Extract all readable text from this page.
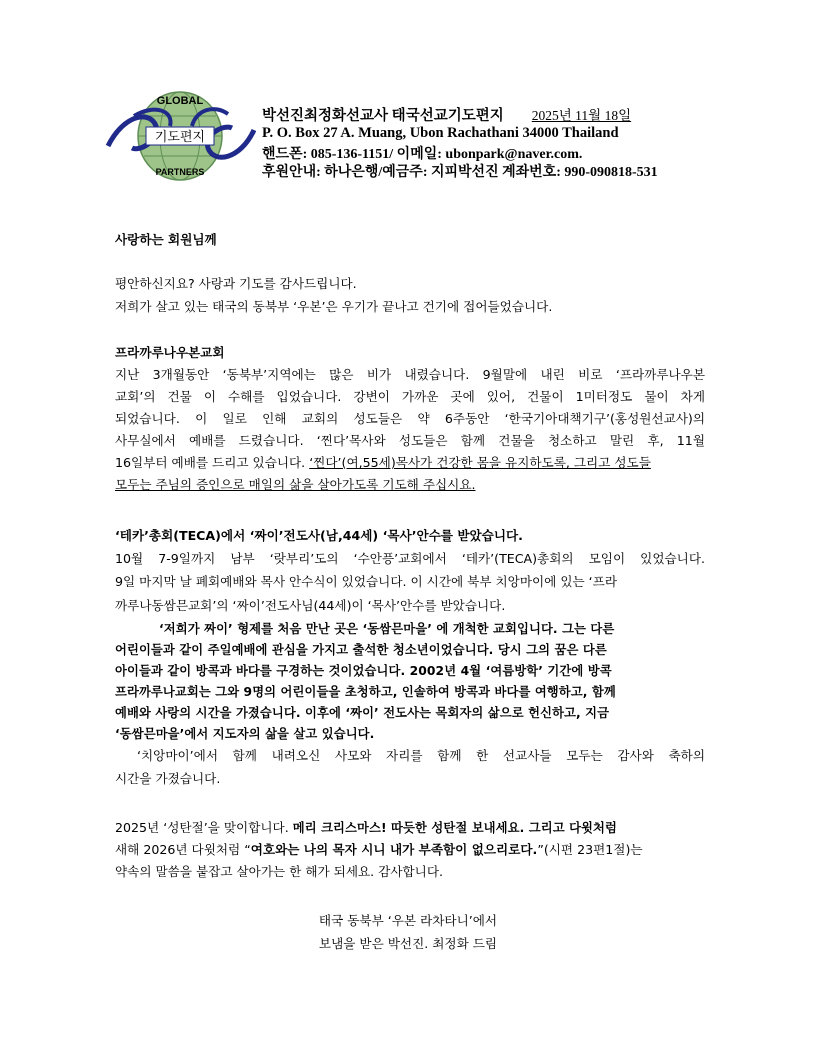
GLOBAL
기도편지
PARTNERS
박선진최정화선교사 태국선교기도편지 2025년 11월 18일
P. O. Box 27 A. Muang, Ubon Rachathani 34000 Thailand
핸드폰: 085-136-1151/ 이메일: ubonpark@naver.com.
후원안내: 하나은행/예금주: 지피박선진 계좌번호: 990-090818-531
사랑하는 회원님께
평안하신지요? 사랑과 기도를 감사드립니다.
저희가 살고 있는 태국의 동북부 ‘우본’은 우기가 끝나고 건기에 접어들었습니다.
프라까루나우본교회
지난 3개월동안 ‘동북부’지역에는 많은 비가 내렸습니다. 9월말에 내린 비로 ‘프라까루나우본
교회’의 건물 이 수해를 입었습니다. 강변이 가까운 곳에 있어, 건물이 1미터정도 물이 차게
되었습니다. 이 일로 인해 교회의 성도들은 약 6주동안 ‘한국기아대책기구’(홍성원선교사)의
사무실에서 예배를 드렸습니다. ‘찐다’목사와 성도들은 함께 건물을 청소하고 말린 후, 11월
16일부터 예배를 드리고 있습니다. ‘찐다’(여,55세)목사가 건강한 몸을 유지하도록, 그리고 성도들
모두는 주님의 증인으로 매일의 삶을 살아가도록 기도해 주십시요.
‘테카’총회(TECA)에서 ‘짜이’전도사(남,44세) ‘목사’안수를 받았습니다.
10월 7-9일까지 남부 ‘랏부리’도의 ‘수안픙’교회에서 ‘테카’(TECA)총회의 모임이 있었습니다.
9일 마지막 날 폐회예배와 목사 안수식이 있었습니다. 이 시간에 북부 치앙마이에 있는 ‘프라
까루나동쌈믄교회’의 ‘짜이’전도사님(44세)이 ‘목사’안수를 받았습니다.
‘저희가 짜이’ 형제를 처음 만난 곳은 ‘동쌈믄마을’ 에 개척한 교회입니다. 그는 다른
어린이들과 같이 주일예배에 관심을 가지고 출석한 청소년이었습니다. 당시 그의 꿈은 다른
아이들과 같이 방콕과 바다를 구경하는 것이었습니다. 2002년 4월 ‘여름방학’ 기간에 방콕
프라까루나교회는 그와 9명의 어린이들을 초청하고, 인솔하여 방콕과 바다를 여행하고, 함께
예배와 사랑의 시간을 가졌습니다. 이후에 ‘짜이’ 전도사는 목회자의 삶으로 헌신하고, 지금
‘동쌈믄마을’에서 지도자의 삶을 살고 있습니다.
‘치앙마이’에서 함께 내려오신 사모와 자리를 함께 한 선교사들 모두는 감사와 축하의
시간을 가졌습니다.
2025년 ‘성탄절’을 맞이합니다. 메리 크리스마스! 따듯한 성탄절 보내세요. 그리고 다윗처럼
새해 2026년 다윗처럼 “여호와는 나의 목자 시니 내가 부족함이 없으리로다.”(시편 23편1절)는
약속의 말씀을 붙잡고 살아가는 한 해가 되세요. 감사합니다.
태국 동북부 ‘우본 라차타니’에서
보냄을 받은 박선진. 최정화 드림
